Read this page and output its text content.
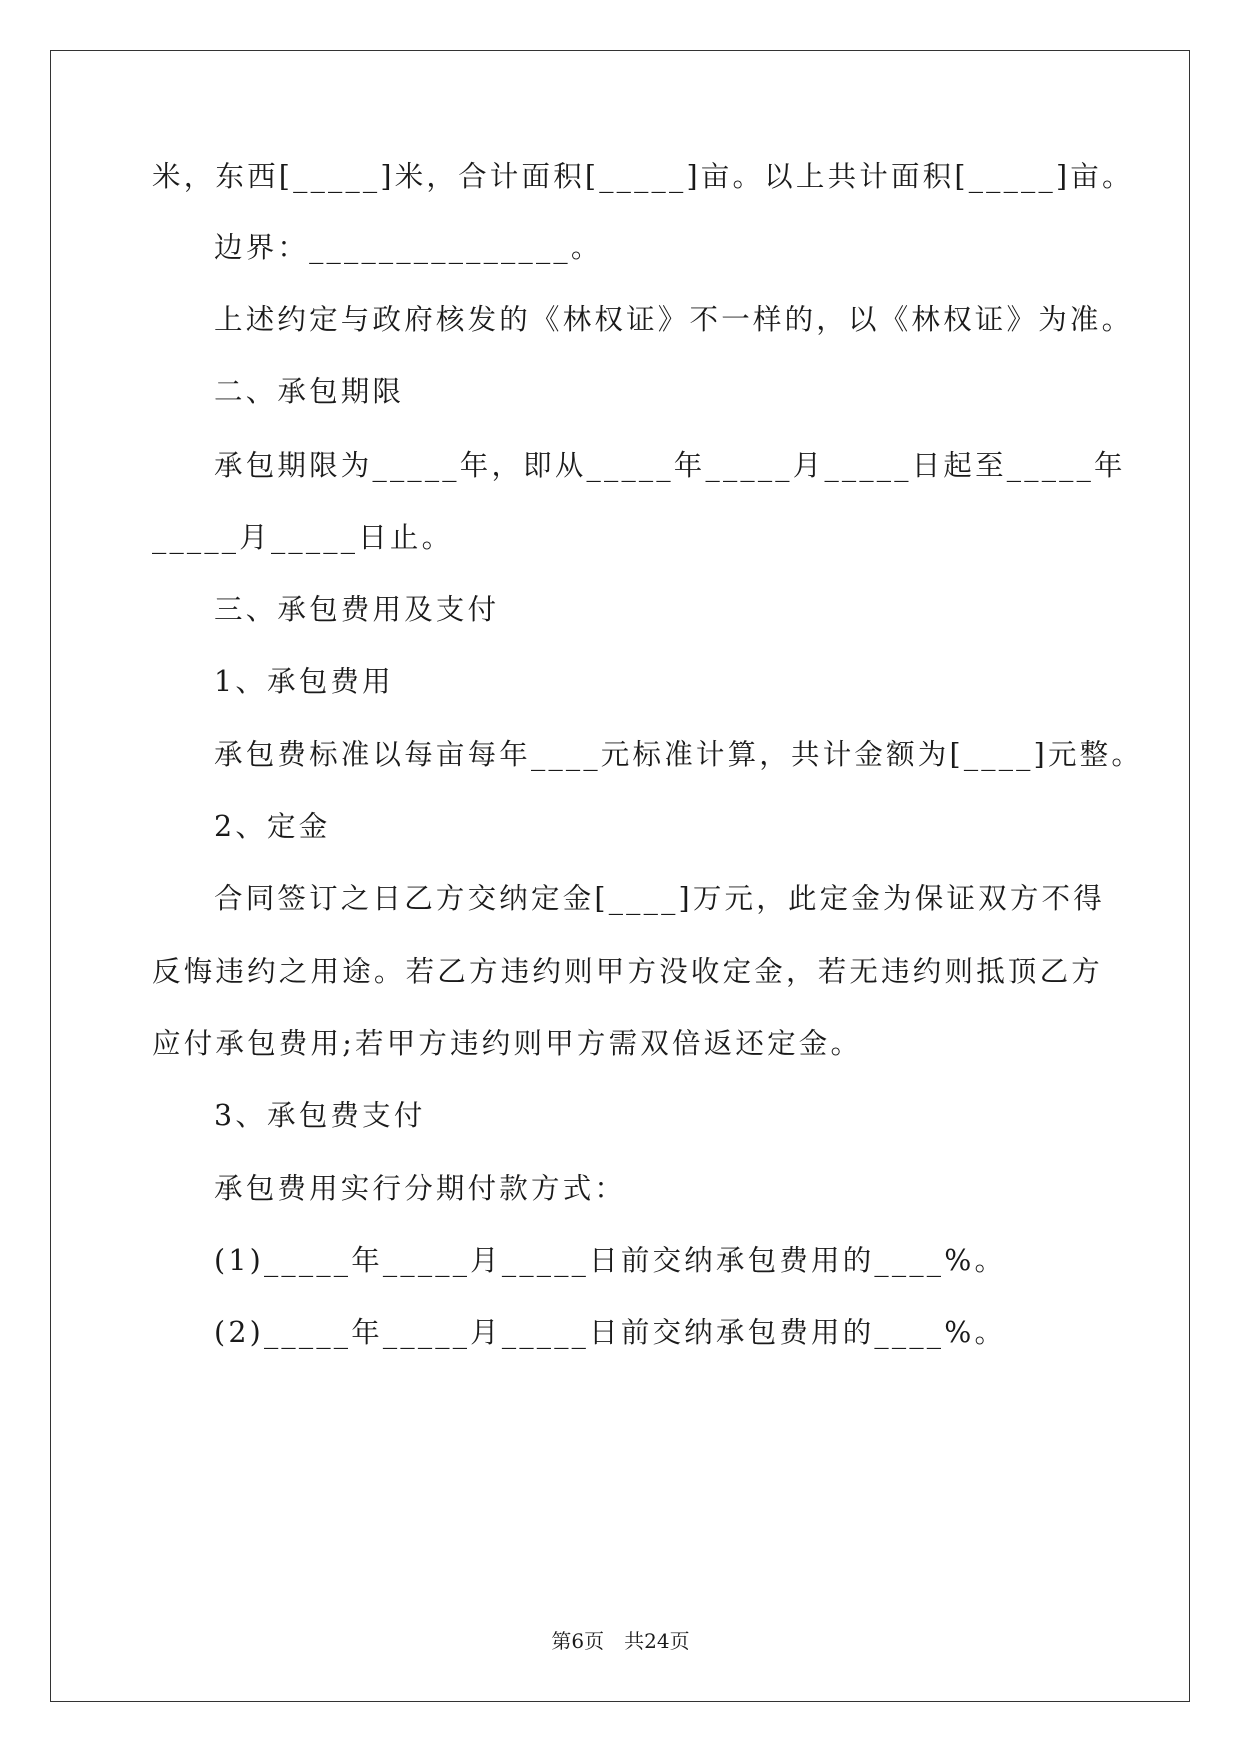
米，东西[_____]米，合计面积[_____]亩。以上共计面积[_____]亩。

边界：_______________。

上述约定与政府核发的《林权证》不一样的，以《林权证》为准。

二、承包期限

承包期限为_____年，即从_____年_____月_____日起至_____年

_____月_____日止。

三、承包费用及支付

1、承包费用

承包费标准以每亩每年____元标准计算，共计金额为[____]元整。

2、定金

合同签订之日乙方交纳定金[____]万元，此定金为保证双方不得

反悔违约之用途。若乙方违约则甲方没收定金，若无违约则抵顶乙方

应付承包费用;若甲方违约则甲方需双倍返还定金。

3、承包费支付

承包费用实行分期付款方式：

(1)_____年_____月_____日前交纳承包费用的____%。

(2)_____年_____月_____日前交纳承包费用的____%。

第6页 共24页
